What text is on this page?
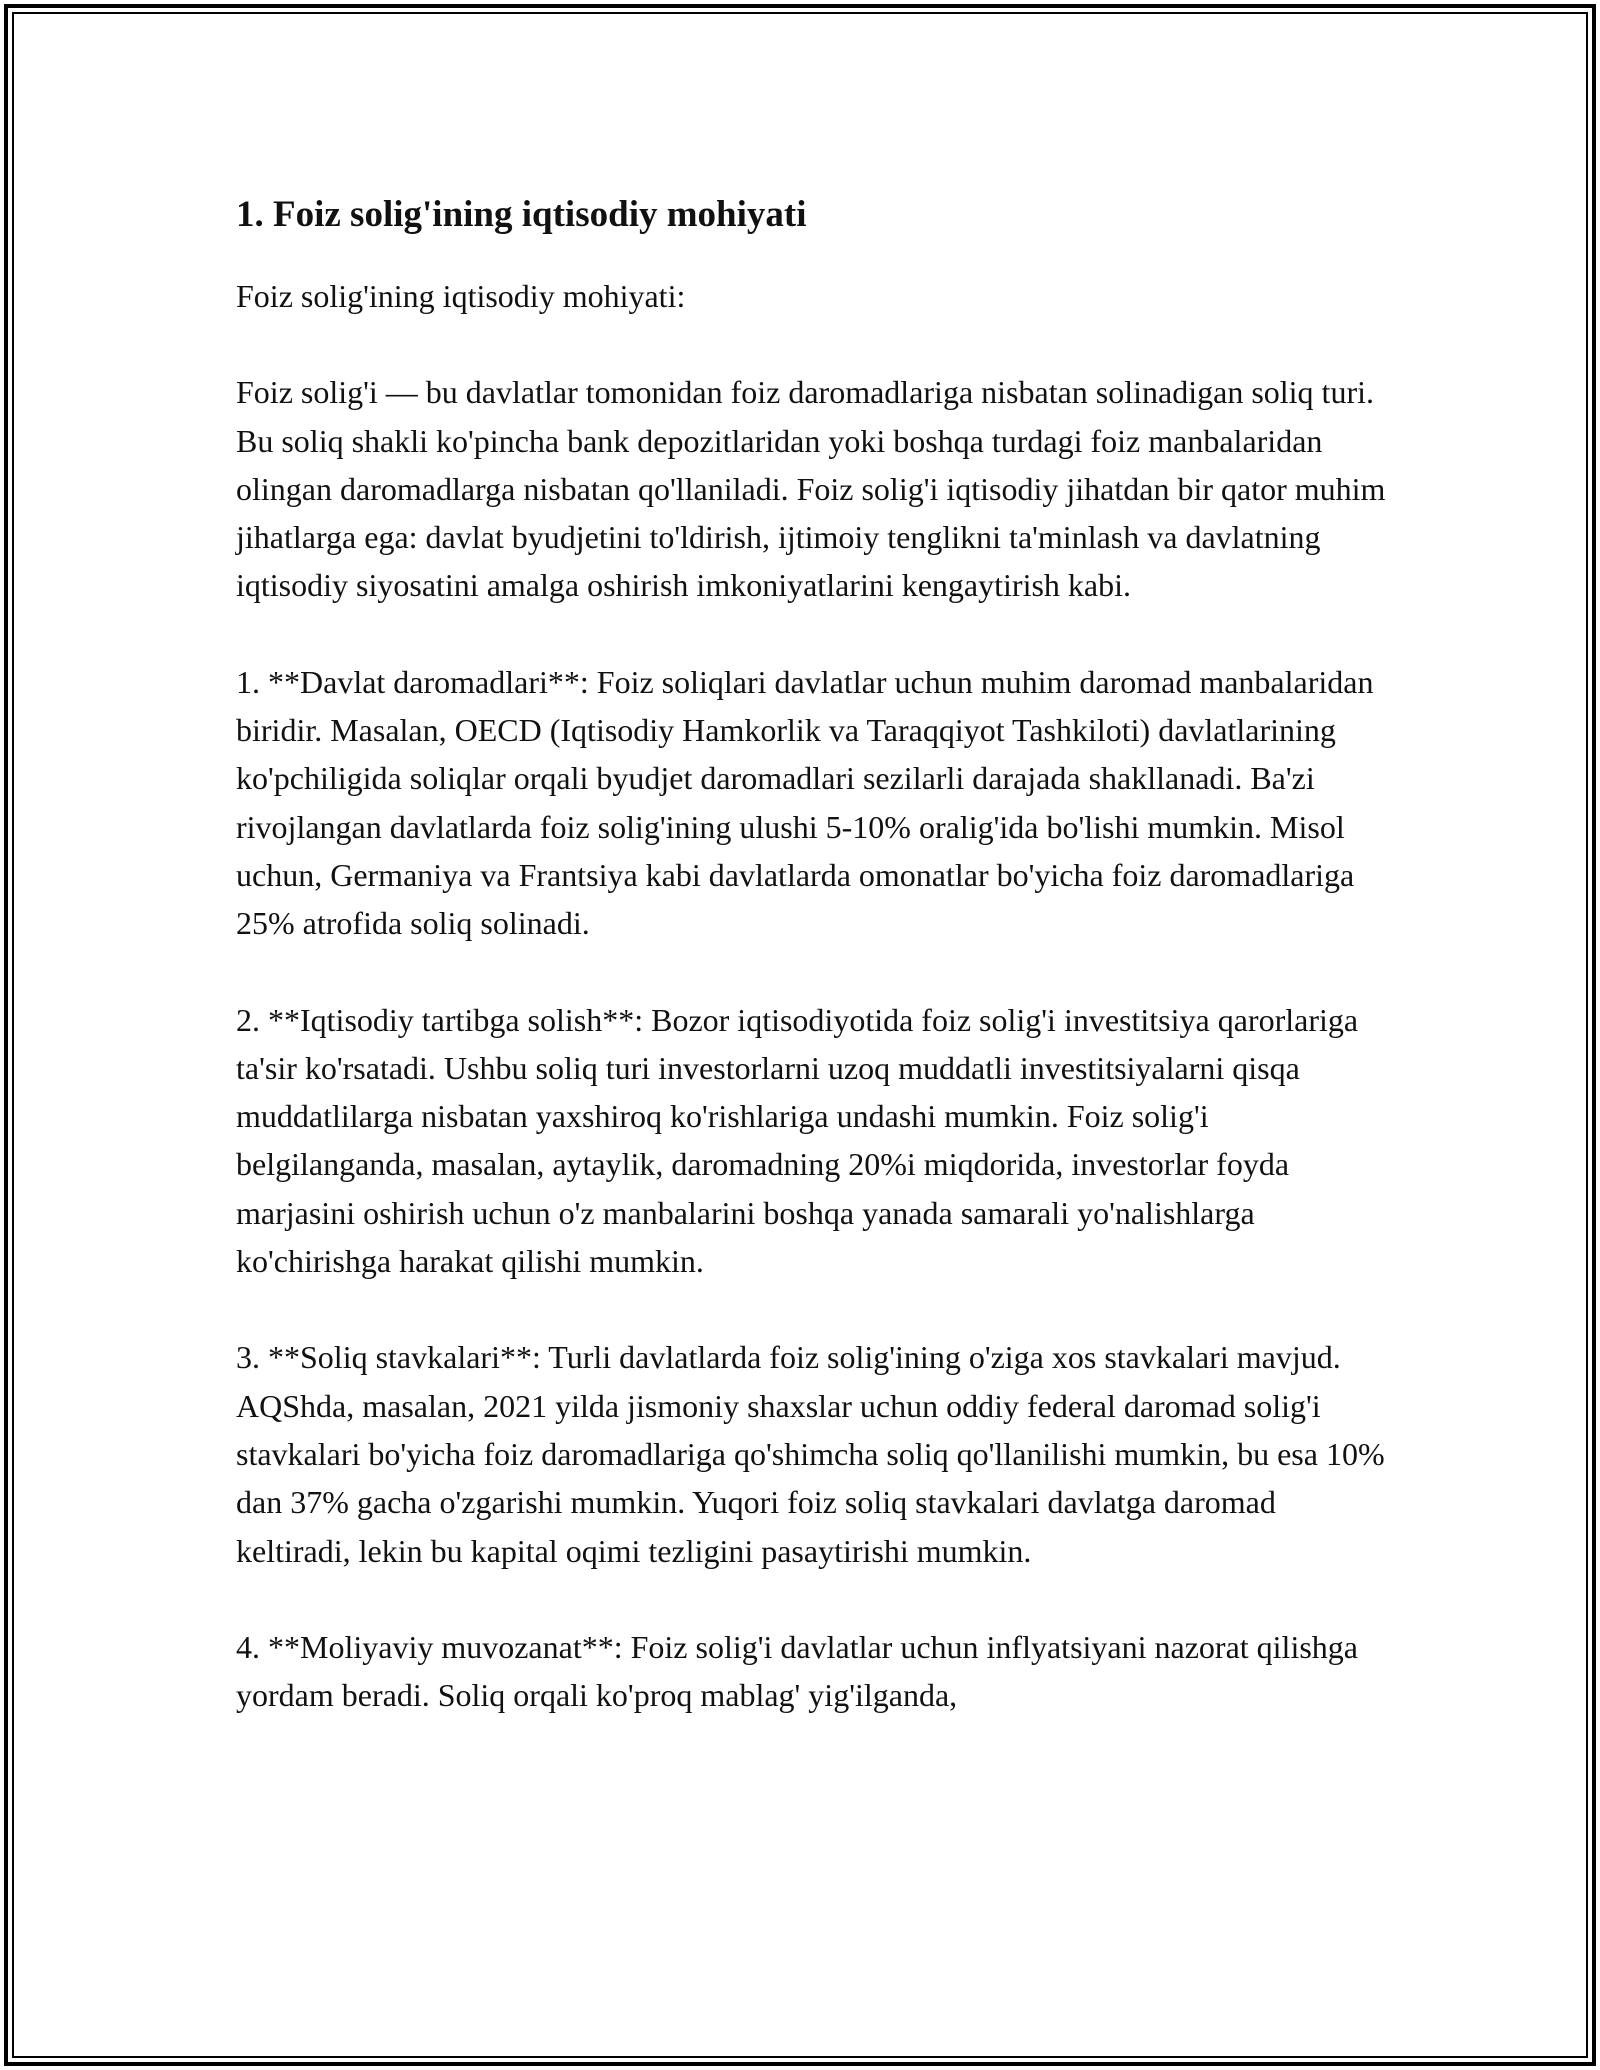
1. Foiz solig'ining iqtisodiy mohiyati

Foiz solig'ining iqtisodiy mohiyati:

Foiz solig'i — bu davlatlar tomonidan foiz daromadlariga nisbatan solinadigan soliq turi. Bu soliq shakli ko'pincha bank depozitlaridan yoki boshqa turdagi foiz manbalaridan olingan daromadlarga nisbatan qo'llaniladi. Foiz solig'i iqtisodiy jihatdan bir qator muhim jihatlarga ega: davlat byudjetini to'ldirish, ijtimoiy tenglikni ta'minlash va davlatning iqtisodiy siyosatini amalga oshirish imkoniyatlarini kengaytirish kabi.

1. **Davlat daromadlari**: Foiz soliqlari davlatlar uchun muhim daromad manbalaridan biridir. Masalan, OECD (Iqtisodiy Hamkorlik va Taraqqiyot Tashkiloti) davlatlarining ko'pchiligida soliqlar orqali byudjet daromadlari sezilarli darajada shakllanadi. Ba'zi rivojlangan davlatlarda foiz solig'ining ulushi 5-10% oralig'ida bo'lishi mumkin. Misol uchun, Germaniya va Frantsiya kabi davlatlarda omonatlar bo'yicha foiz daromadlariga 25% atrofida soliq solinadi.

2. **Iqtisodiy tartibga solish**: Bozor iqtisodiyotida foiz solig'i investitsiya qarorlariga ta'sir ko'rsatadi. Ushbu soliq turi investorlarni uzoq muddatli investitsiyalarni qisqa muddatlilarga nisbatan yaxshiroq ko'rishlariga undashi mumkin. Foiz solig'i belgilanganda, masalan, aytaylik, daromadning 20%i miqdorida, investorlar foyda marjasini oshirish uchun o'z manbalarini boshqa yanada samarali yo'nalishlarga ko'chirishga harakat qilishi mumkin.

3. **Soliq stavkalari**: Turli davlatlarda foiz solig'ining o'ziga xos stavkalari mavjud. AQShda, masalan, 2021 yilda jismoniy shaxslar uchun oddiy federal daromad solig'i stavkalari bo'yicha foiz daromadlariga qo'shimcha soliq qo'llanilishi mumkin, bu esa 10% dan 37% gacha o'zgarishi mumkin. Yuqori foiz soliq stavkalari davlatga daromad keltiradi, lekin bu kapital oqimi tezligini pasaytirishi mumkin.

4. **Moliyaviy muvozanat**: Foiz solig'i davlatlar uchun inflyatsiyani nazorat qilishga yordam beradi. Soliq orqali ko'proq mablag' yig'ilganda,
